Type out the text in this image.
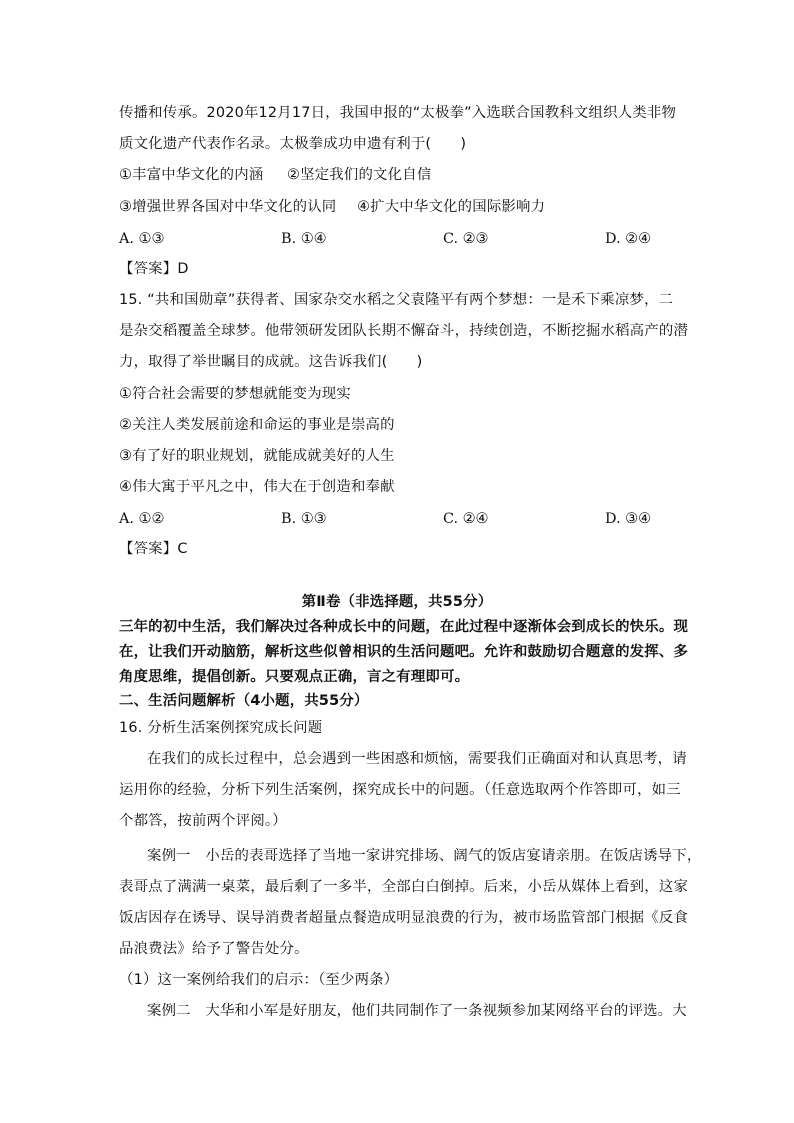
传播和传承。2020年12月17日，我国申报的“太极拳”入选联合国教科文组织人类非物
质文化遗产代表作名录。太极拳成功申遗有利于(　　)
①丰富中华文化的内涵 ②坚定我们的文化自信
③增强世界各国对中华文化的认同 ④扩大中华文化的国际影响力
A. ①③	B. ①④	C. ②③	D. ②④
【答案】D
15. “共和国勋章”获得者、国家杂交水稻之父袁隆平有两个梦想：一是禾下乘凉梦，二
是杂交稻覆盖全球梦。他带领研发团队长期不懈奋斗，持续创造，不断挖掘水稻高产的潜
力，取得了举世瞩目的成就。这告诉我们(　　)
①符合社会需要的梦想就能变为现实
②关注人类发展前途和命运的事业是崇高的
③有了好的职业规划，就能成就美好的人生
④伟大寓于平凡之中，伟大在于创造和奉献
A. ①②	B. ①③	C. ②④	D. ③④
【答案】C
第Ⅱ卷（非选择题，共55分）
三年的初中生活，我们解决过各种成长中的问题，在此过程中逐渐体会到成长的快乐。现
在，让我们开动脑筋，解析这些似曾相识的生活问题吧。允许和鼓励切合题意的发挥、多
角度思维，提倡创新。只要观点正确，言之有理即可。
二、生活问题解析（4小题，共55分）
16. 分析生活案例探究成长问题
在我们的成长过程中，总会遇到一些困惑和烦恼，需要我们正确面对和认真思考，请
运用你的经验，分析下列生活案例，探究成长中的问题。（任意选取两个作答即可，如三
个都答，按前两个评阅。）
案例一　小岳的表哥选择了当地一家讲究排场、阔气的饭店宴请亲朋。在饭店诱导下，
表哥点了满满一桌菜，最后剩了一多半，全部白白倒掉。后来，小岳从媒体上看到，这家
饭店因存在诱导、误导消费者超量点餐造成明显浪费的行为，被市场监管部门根据《反食
品浪费法》给予了警告处分。
（1）这一案例给我们的启示：（至少两条）
案例二　大华和小军是好朋友，他们共同制作了一条视频参加某网络平台的评选。大
